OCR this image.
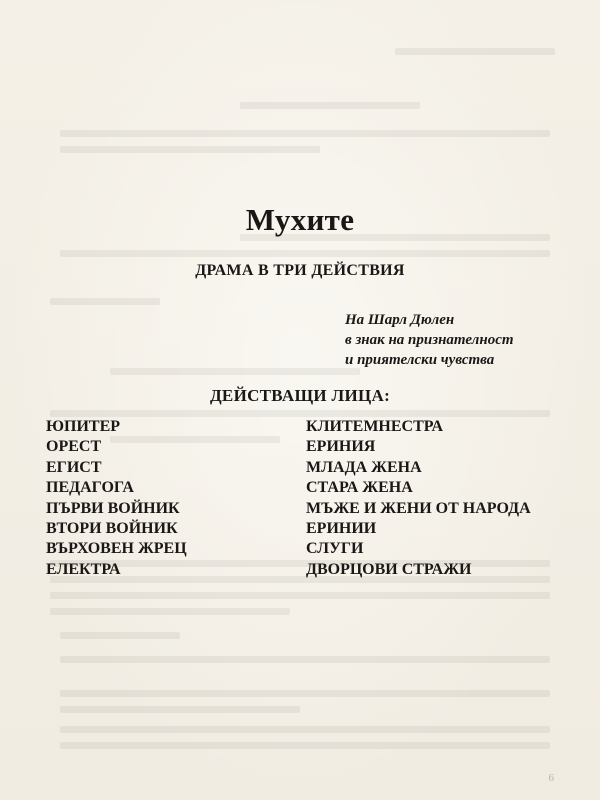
Мухите
ДРАМА В ТРИ ДЕЙСТВИЯ
На Шарл Дюлен
в знак на признателност
и приятелски чувства
ДЕЙСТВАЩИ ЛИЦА:
ЮПИТЕР
ОРЕСТ
ЕГИСТ
ПЕДАГОГА
ПЪРВИ ВОЙНИК
ВТОРИ ВОЙНИК
ВЪРХОВЕН ЖРЕЦ
ЕЛЕКТРА
КЛИТЕМНЕСТРА
ЕРИНИЯ
МЛАДА ЖЕНА
СТАРА ЖЕНА
МЪЖЕ И ЖЕНИ ОТ НАРОДА
ЕРИНИИ
СЛУГИ
ДВОРЦОВИ СТРАЖИ
6
